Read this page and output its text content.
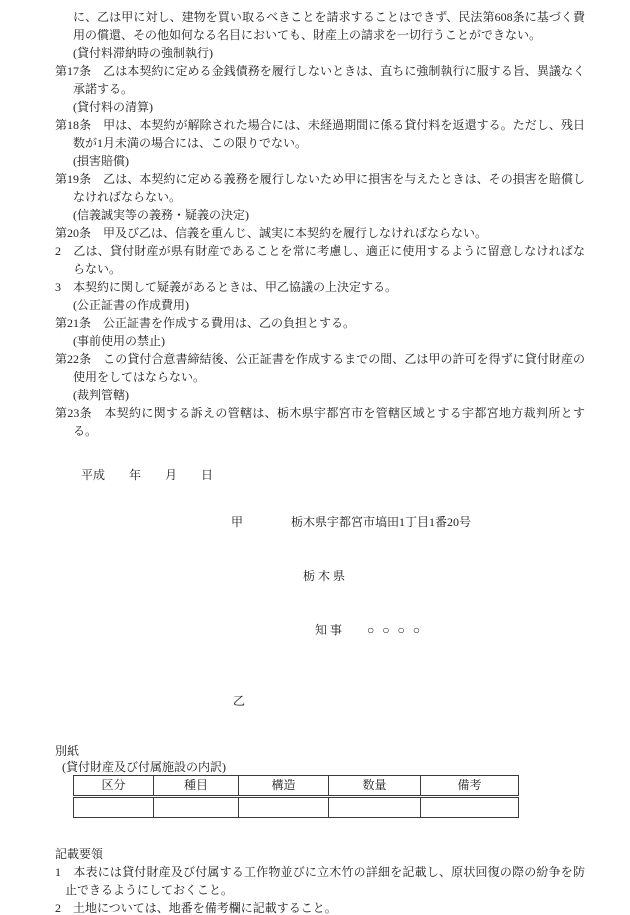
に、乙は甲に対し、建物を買い取るべきことを請求することはできず、民法第608条に基づく費用の償還、その他如何なる名目においても、財産上の請求を一切行うことができない。
(貸付料滞納時の強制執行)
第17条　乙は本契約に定める金銭債務を履行しないときは、直ちに強制執行に服する旨、異議なく承諾する。
(貸付料の清算)
第18条　甲は、本契約が解除された場合には、未経過期間に係る貸付料を返還する。ただし、残日数が1月未満の場合には、この限りでない。
(損害賠償)
第19条　乙は、本契約に定める義務を履行しないため甲に損害を与えたときは、その損害を賠償しなければならない。
(信義誠実等の義務・疑義の決定)
第20条　甲及び乙は、信義を重んじ、誠実に本契約を履行しなければならない。
2　乙は、貸付財産が県有財産であることを常に考慮し、適正に使用するように留意しなければならない。
3　本契約に関して疑義があるときは、甲乙協議の上決定する。
(公正証書の作成費用)
第21条　公正証書を作成する費用は、乙の負担とする。
(事前使用の禁止)
第22条　この貸付合意書締結後、公正証書を作成するまでの間、乙は甲の許可を得ずに貸付財産の使用をしてはならない。
(裁判管轄)
第23条　本契約に関する訴えの管轄は、栃木県宇都宮市を管轄区域とする宇都宮地方裁判所とする。
平成　　年　　月　　日

甲	栃木県宇都宮市塙田1丁目1番20号

栃 木 県

知 事 ○　○　○　○

乙

別紙
(貸付財産及び付属施設の内訳)
区分	種目	構造	数量	備考

記載要領
1　本表には貸付財産及び付属する工作物並びに立木竹の詳細を記載し、原状回復の際の紛争を防止できるようにしておくこと。
2　土地については、地番を備考欄に記載すること。
